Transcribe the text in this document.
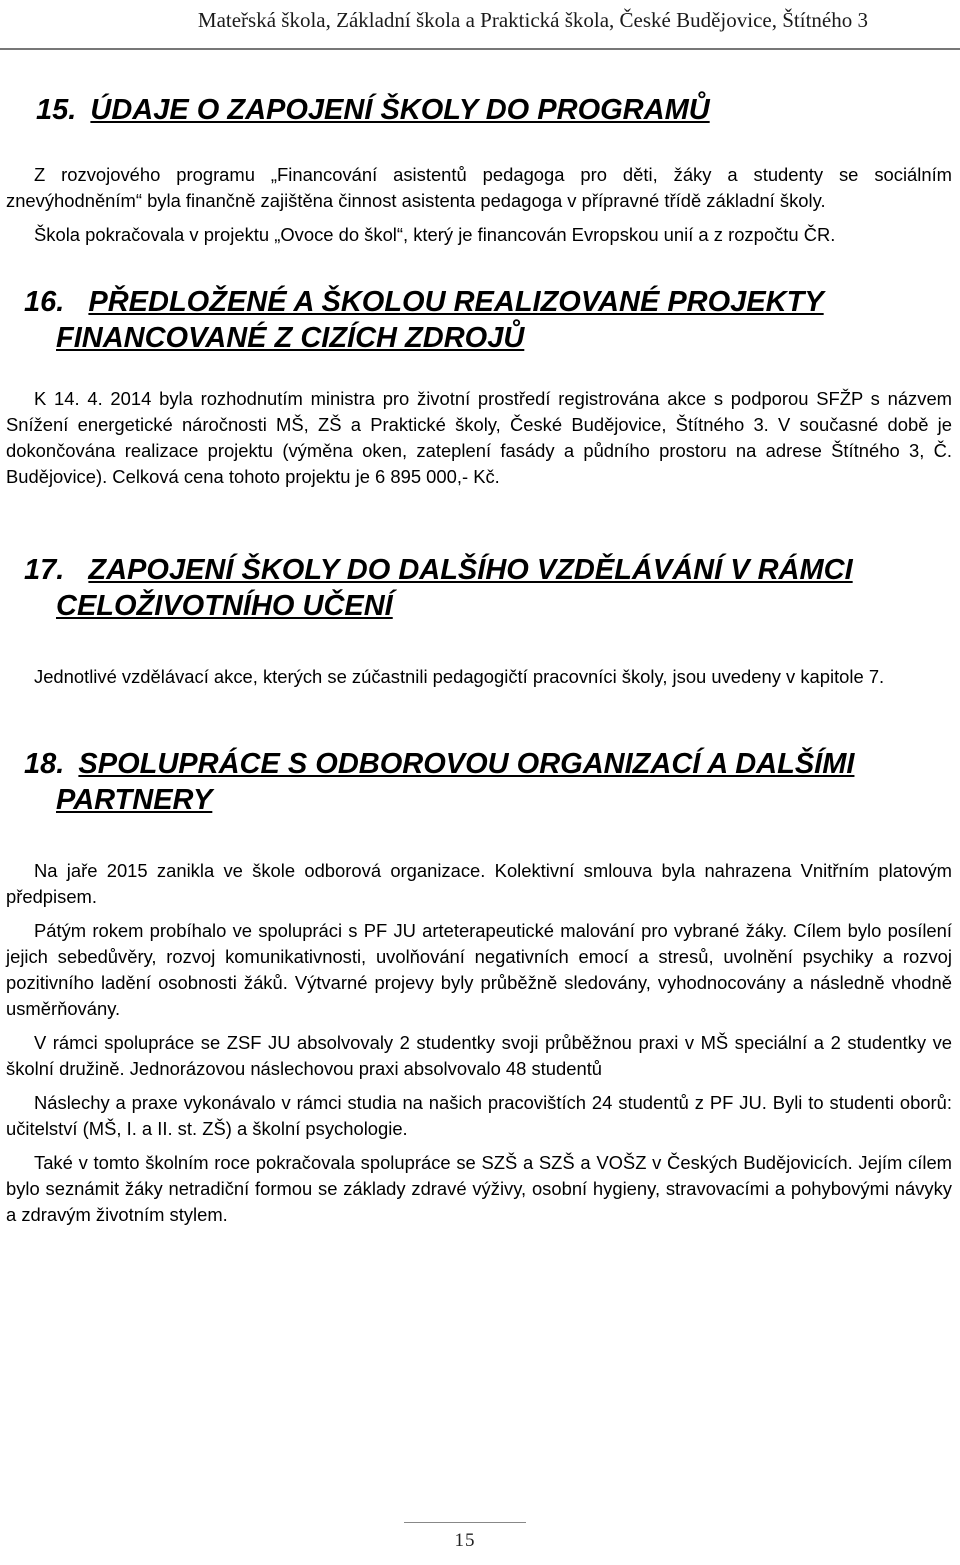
Mateřská škola, Základní škola a Praktická škola, České Budějovice, Štítného 3
15. ÚDAJE O ZAPOJENÍ ŠKOLY DO PROGRAMŮ

Z rozvojového programu „Financování asistentů pedagoga pro děti, žáky a studenty se sociálním znevýhodněním“ byla finančně zajištěna činnost asistenta pedagoga v přípravné třídě základní školy.

Škola pokračovala v projektu „Ovoce do škol“, který je financován Evropskou unií a z rozpočtu ČR.

16. PŘEDLOŽENÉ A ŠKOLOU REALIZOVANÉ PROJEKTY
FINANCOVANÉ Z CIZÍCH ZDROJŮ

K 14. 4. 2014 byla rozhodnutím ministra pro životní prostředí registrována akce s podporou SFŽP s názvem Snížení energetické náročnosti MŠ, ZŠ a Praktické školy, České Budějovice, Štítného 3. V současné době je dokončována realizace projektu (výměna oken, zateplení fasády a půdního prostoru na adrese Štítného 3, Č. Budějovice). Celková cena tohoto projektu je 6 895 000,- Kč.

17. ZAPOJENÍ ŠKOLY DO DALŠÍHO VZDĚLÁVÁNÍ V RÁMCI
CELOŽIVOTNÍHO UČENÍ

Jednotlivé vzdělávací akce, kterých se zúčastnili pedagogičtí pracovníci školy, jsou uvedeny v kapitole 7.

18. SPOLUPRÁCE S ODBOROVOU ORGANIZACÍ A DALŠÍMI
PARTNERY

Na jaře 2015 zanikla ve škole odborová organizace. Kolektivní smlouva byla nahrazena Vnitřním platovým předpisem.

Pátým rokem probíhalo ve spolupráci s PF JU arteterapeutické malování pro vybrané žáky. Cílem bylo posílení jejich sebedůvěry, rozvoj komunikativnosti, uvolňování negativních emocí a stresů, uvolnění psychiky a rozvoj pozitivního ladění osobnosti žáků. Výtvarné projevy byly průběžně sledovány, vyhodnocovány a následně vhodně usměrňovány.

V rámci spolupráce se ZSF JU absolvovaly 2 studentky svoji průběžnou praxi v MŠ speciální a 2 studentky ve školní družině. Jednorázovou náslechovou praxi absolvovalo 48 studentů

Náslechy a praxe vykonávalo v rámci studia na našich pracovištích 24 studentů z PF JU. Byli to studenti oborů: učitelství (MŠ, I. a II. st. ZŠ) a školní psychologie.

Také v tomto školním roce pokračovala spolupráce se SZŠ a SZŠ a VOŠZ v Českých Budějovicích. Jejím cílem bylo seznámit žáky netradiční formou se základy zdravé výživy, osobní hygieny, stravovacími a pohybovými návyky a zdravým životním stylem.

15
